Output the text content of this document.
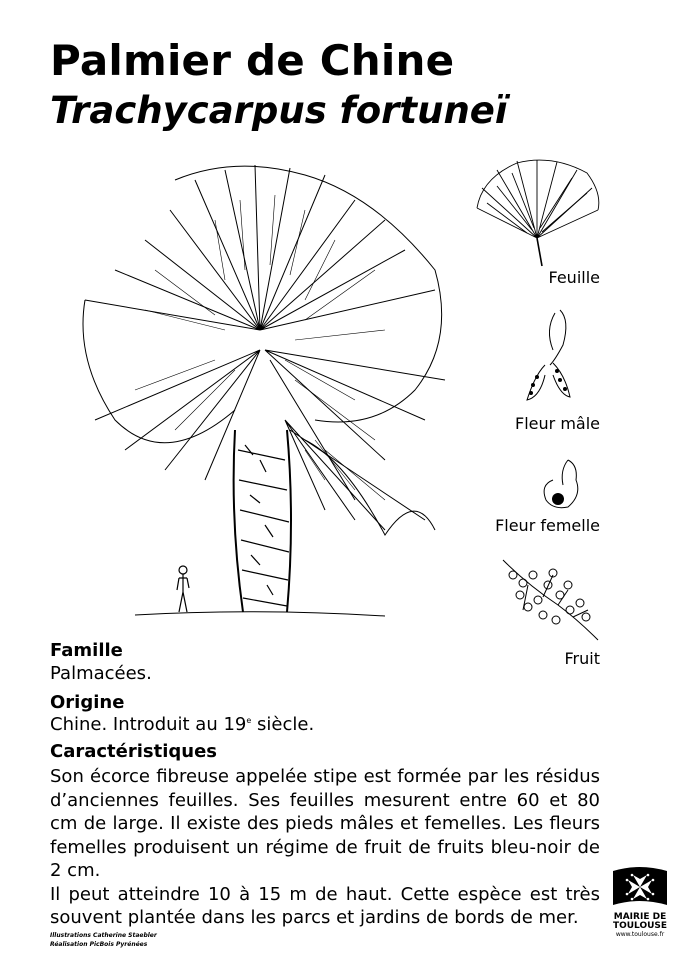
Palmier de Chine
Trachycarpus fortuneï
Feuille
Fleur mâle
Fleur femelle
Fruit
Famille

Palmacées.

Origine

Chine. Introduit au 19e siècle.

Caractéristiques

Son écorce fibreuse appelée stipe est formée par les résidus d’anciennes feuilles. Ses feuilles mesurent entre 60 et 80 cm de large. Il existe des pieds mâles et femelles. Les fleurs femelles produisent un régime de fruit de fruits bleu-noir de 2 cm.

Il peut atteindre 10 à 15 m de haut. Cette espèce est très souvent plantée dans les parcs et jardins de bords de mer.

Illustrations Catherine Staebler
Réalisation PicBois Pyrénées
MAIRIE DE
TOULOUSE
www.toulouse.fr
